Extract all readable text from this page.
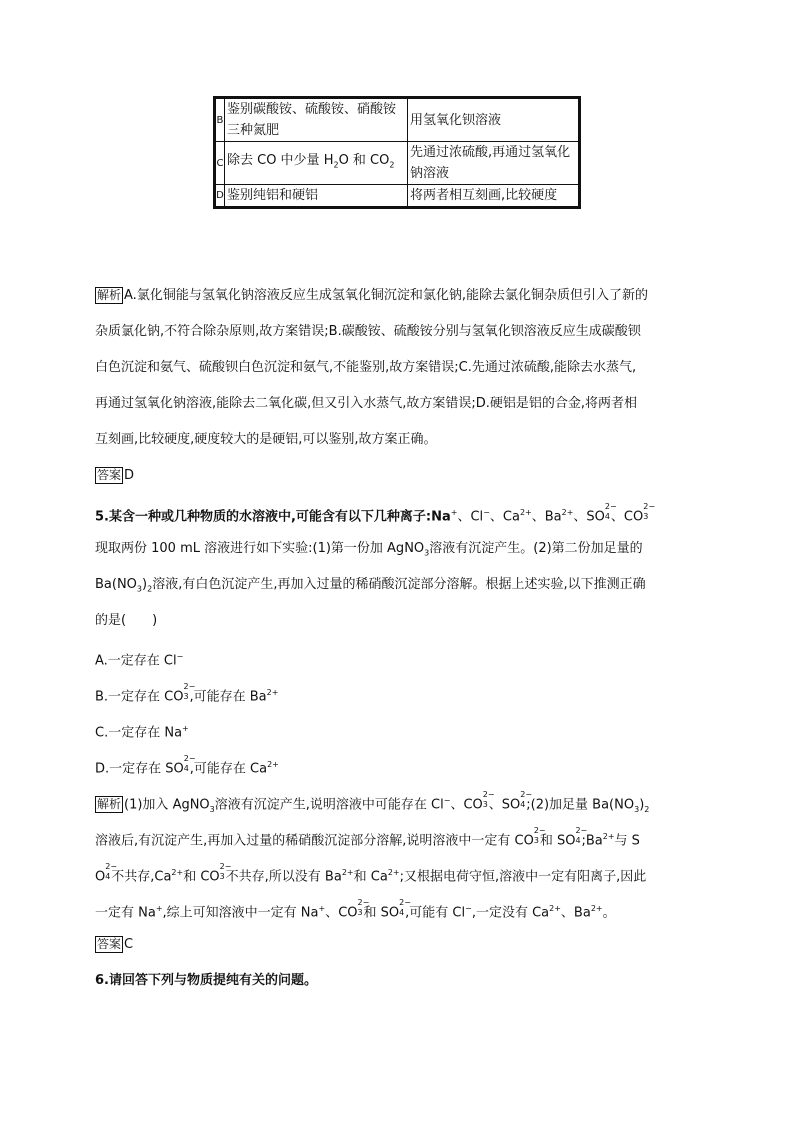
B	鉴别碳酸铵、硫酸铵、硝酸铵三种氮肥	用氢氧化钡溶液
C	除去 CO 中少量 $H_2O$ 和 $CO_2$	先通过浓硫酸,再通过氢氧化钠溶液
D	鉴别纯铝和硬铝	将两者相互刻画,比较硬度
解析 A.氯化铜能与氢氧化钠溶液反应生成氢氧化铜沉淀和氯化钠,能除去氯化铜杂质但引入了新的
杂质氯化钠,不符合除杂原则,故方案错误;B.碳酸铵、硫酸铵分别与氢氧化钡溶液反应生成碳酸钡
白色沉淀和氨气、硫酸钡白色沉淀和氨气,不能鉴别,故方案错误;C.先通过浓硫酸,能除去水蒸气,
再通过氢氧化钠溶液,能除去二氧化碳,但又引入水蒸气,故方案错误;D.硬铝是铝的合金,将两者相
互刻画,比较硬度,硬度较大的是硬铝,可以鉴别,故方案正确。
答案 D
5.某含一种或几种物质的水溶液中,可能含有以下几种离子:Na+、Cl−、$Ca^{2+}$、$Ba^{2+}$、SO
2−
4 、CO
2−
3
现取两份 100 mL 溶液进行如下实验:(1)第一份加 AgNO$_3$溶液有沉淀产生。(2)第二份加足量的
$Ba(NO_3)_2$溶液,有白色沉淀产生,再加入过量的稀硝酸沉淀部分溶解。根据上述实验,以下推测正确
的是(　　)
A.一定存在 Cl−
B.一定存在 CO
2−
3 ,可能存在 $Ba^{2+}$
C.一定存在 Na+
D.一定存在 SO
2−
4 ,可能存在 $Ca^{2+}$
解析 (1)加入 AgNO$_3$溶液有沉淀产生,说明溶液中可能存在 Cl−、CO
2−
3 、SO
2−
4 ;(2)加足量 $Ba(NO_3)_2$
溶液后,有沉淀产生,再加入过量的稀硝酸沉淀部分溶解,说明溶液中一定有 CO
2−
3 和 SO
2−
4 $;Ba^{2+}$与 S
O
2−
4 不共存$,Ca^{2+}$和 CO
2−
3 不共存,所以没有 $Ba^{2+}$和 $Ca^{2+}$;又根据电荷守恒,溶液中一定有阳离子,因此
一定有 Na+,综上可知溶液中一定有 Na+、CO
2−
3 和 SO
2−
4 ,可能有 Cl−,一定没有 $Ca^{2+}$、$Ba^{2+}$。
答案 C
6.请回答下列与物质提纯有关的问题。
